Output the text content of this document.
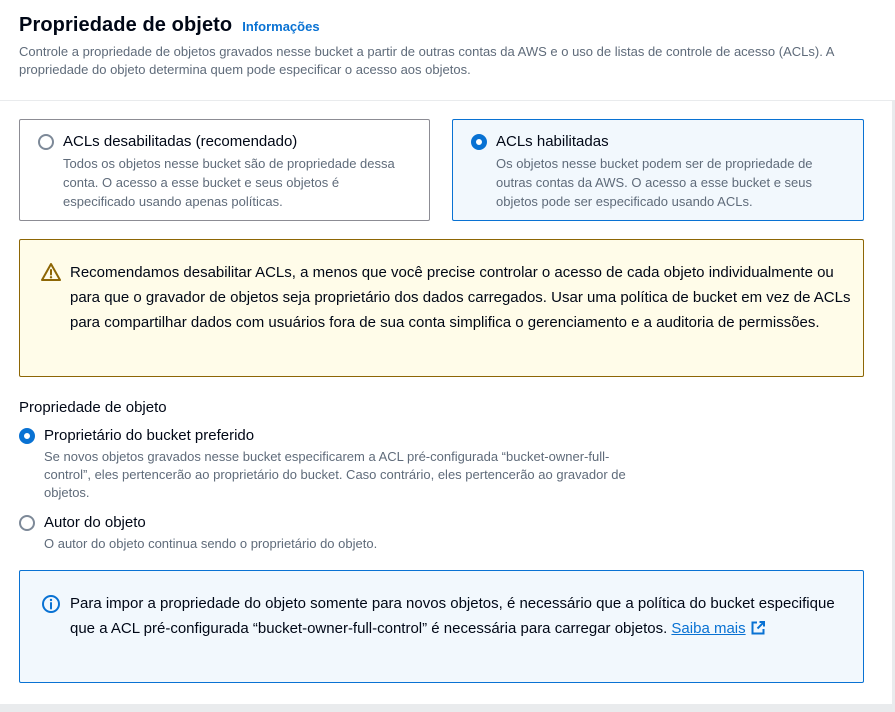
Propriedade de objeto Informações
Controle a propriedade de objetos gravados nesse bucket a partir de outras contas da AWS e o uso de listas de controle de acesso (ACLs). A propriedade do objeto determina quem pode especificar o acesso aos objetos.
ACLs desabilitadas (recomendado)
Todos os objetos nesse bucket são de propriedade dessa conta. O acesso a esse bucket e seus objetos é especificado usando apenas políticas.
ACLs habilitadas
Os objetos nesse bucket podem ser de propriedade de outras contas da AWS. O acesso a esse bucket e seus objetos pode ser especificado usando ACLs.
Recomendamos desabilitar ACLs, a menos que você precise controlar o acesso de cada objeto individualmente ou para que o gravador de objetos seja proprietário dos dados carregados. Usar uma política de bucket em vez de ACLs para compartilhar dados com usuários fora de sua conta simplifica o gerenciamento e a auditoria de permissões.
Propriedade de objeto
Proprietário do bucket preferido
Se novos objetos gravados nesse bucket especificarem a ACL pré-configurada “bucket-owner-full-control”, eles pertencerão ao proprietário do bucket. Caso contrário, eles pertencerão ao gravador de objetos.
Autor do objeto
O autor do objeto continua sendo o proprietário do objeto.
Para impor a propriedade do objeto somente para novos objetos, é necessário que a política do bucket especifique que a ACL pré-configurada “bucket-owner-full-control” é necessária para carregar objetos. Saiba mais
